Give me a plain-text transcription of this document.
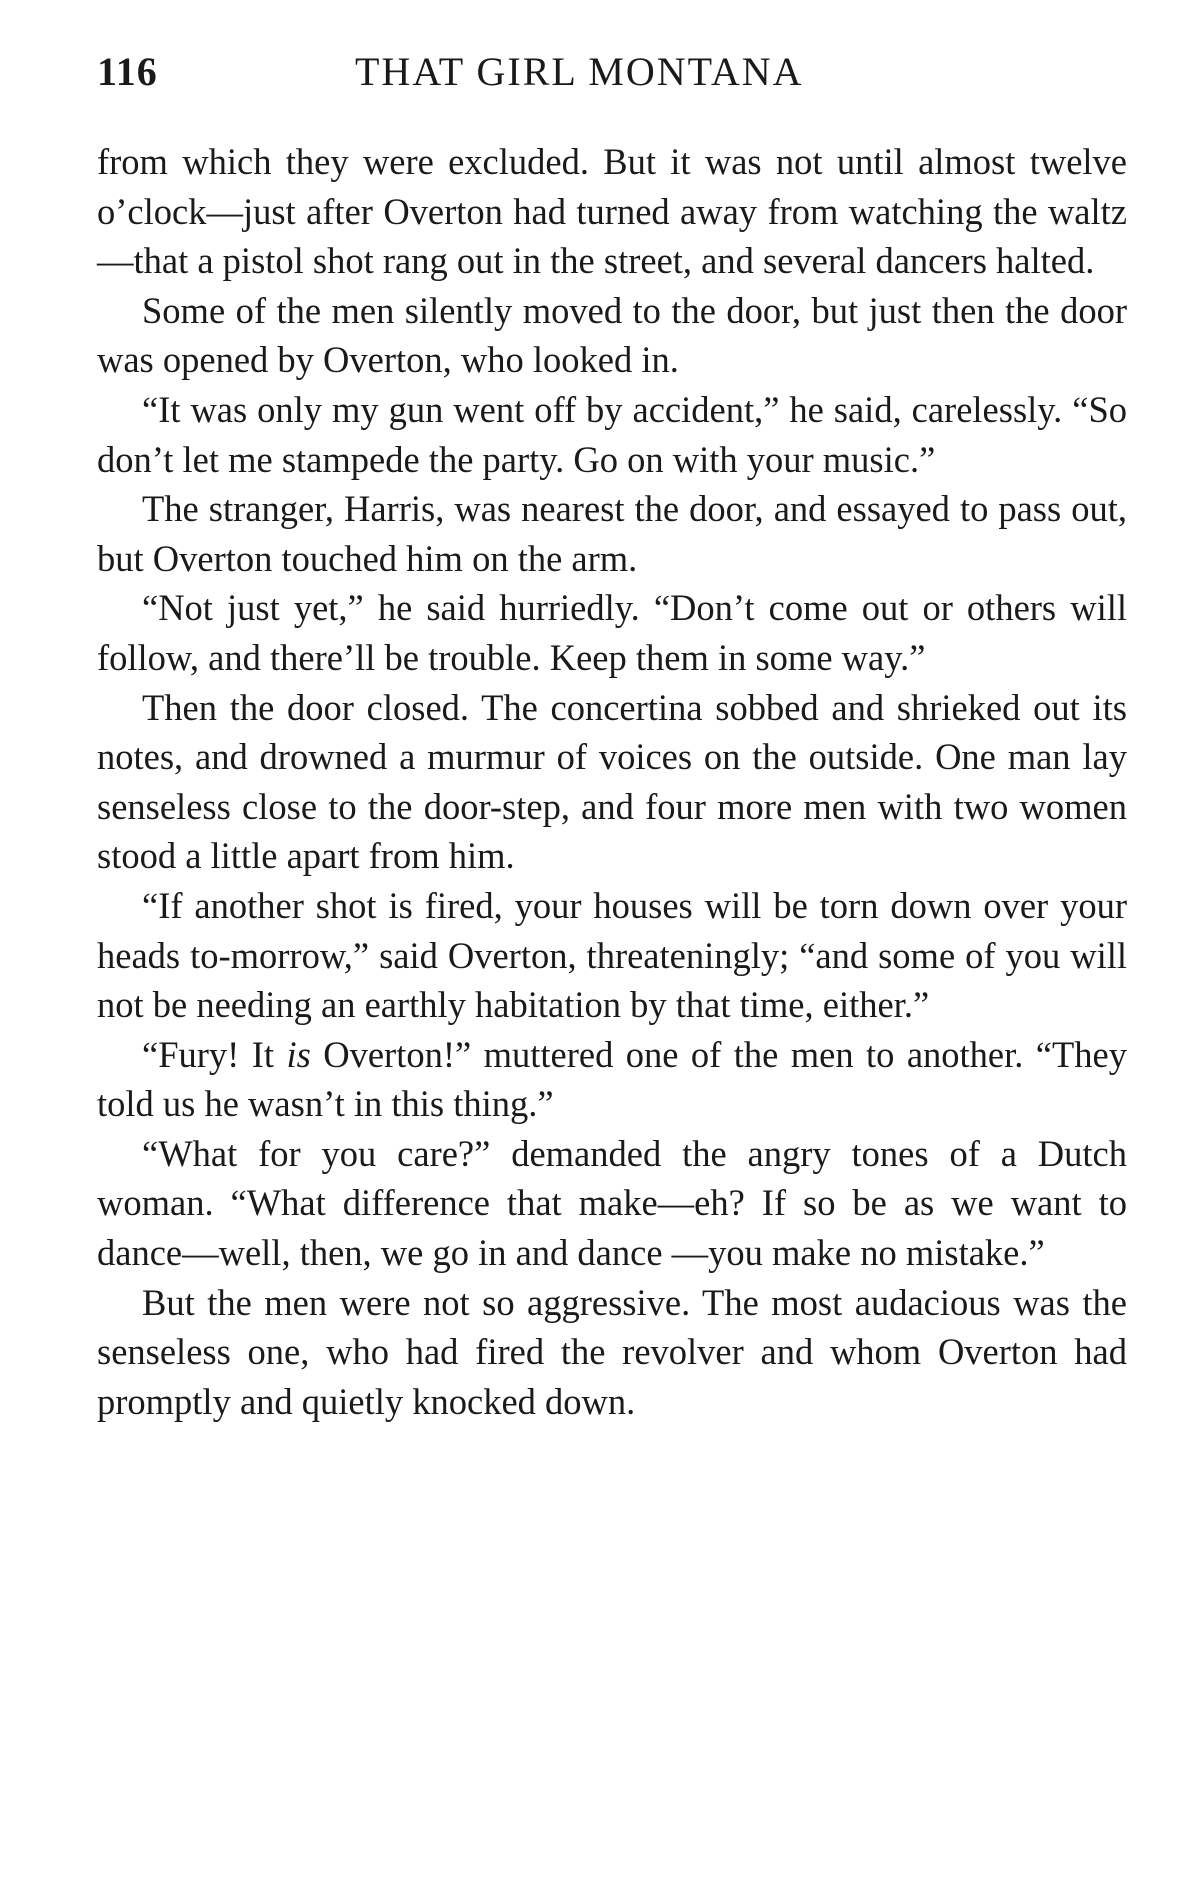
116	THAT GIRL MONTANA

from which they were excluded. But it was not until almost twelve o’clock—just after Overton had turned away from watching the waltz—that a pistol shot rang out in the street, and several dancers halted.

Some of the men silently moved to the door, but just then the door was opened by Overton, who looked in.

“It was only my gun went off by accident,” he said, carelessly. “So don’t let me stampede the party. Go on with your music.”

The stranger, Harris, was nearest the door, and essayed to pass out, but Overton touched him on the arm.

“Not just yet,” he said hurriedly. “Don’t come out or others will follow, and there’ll be trouble. Keep them in some way.”

Then the door closed. The concertina sobbed and shrieked out its notes, and drowned a murmur of voices on the outside. One man lay senseless close to the door-step, and four more men with two women stood a little apart from him.

“If another shot is fired, your houses will be torn down over your heads to-morrow,” said Overton, threateningly; “and some of you will not be needing an earthly habitation by that time, either.”

“Fury! It is Overton!” muttered one of the men to another. “They told us he wasn’t in this thing.”

“What for you care?” demanded the angry tones of a Dutch woman. “What difference that make—eh? If so be as we want to dance—well, then, we go in and dance —you make no mistake.”

But the men were not so aggressive. The most audacious was the senseless one, who had fired the revolver and whom Overton had promptly and quietly knocked down.
